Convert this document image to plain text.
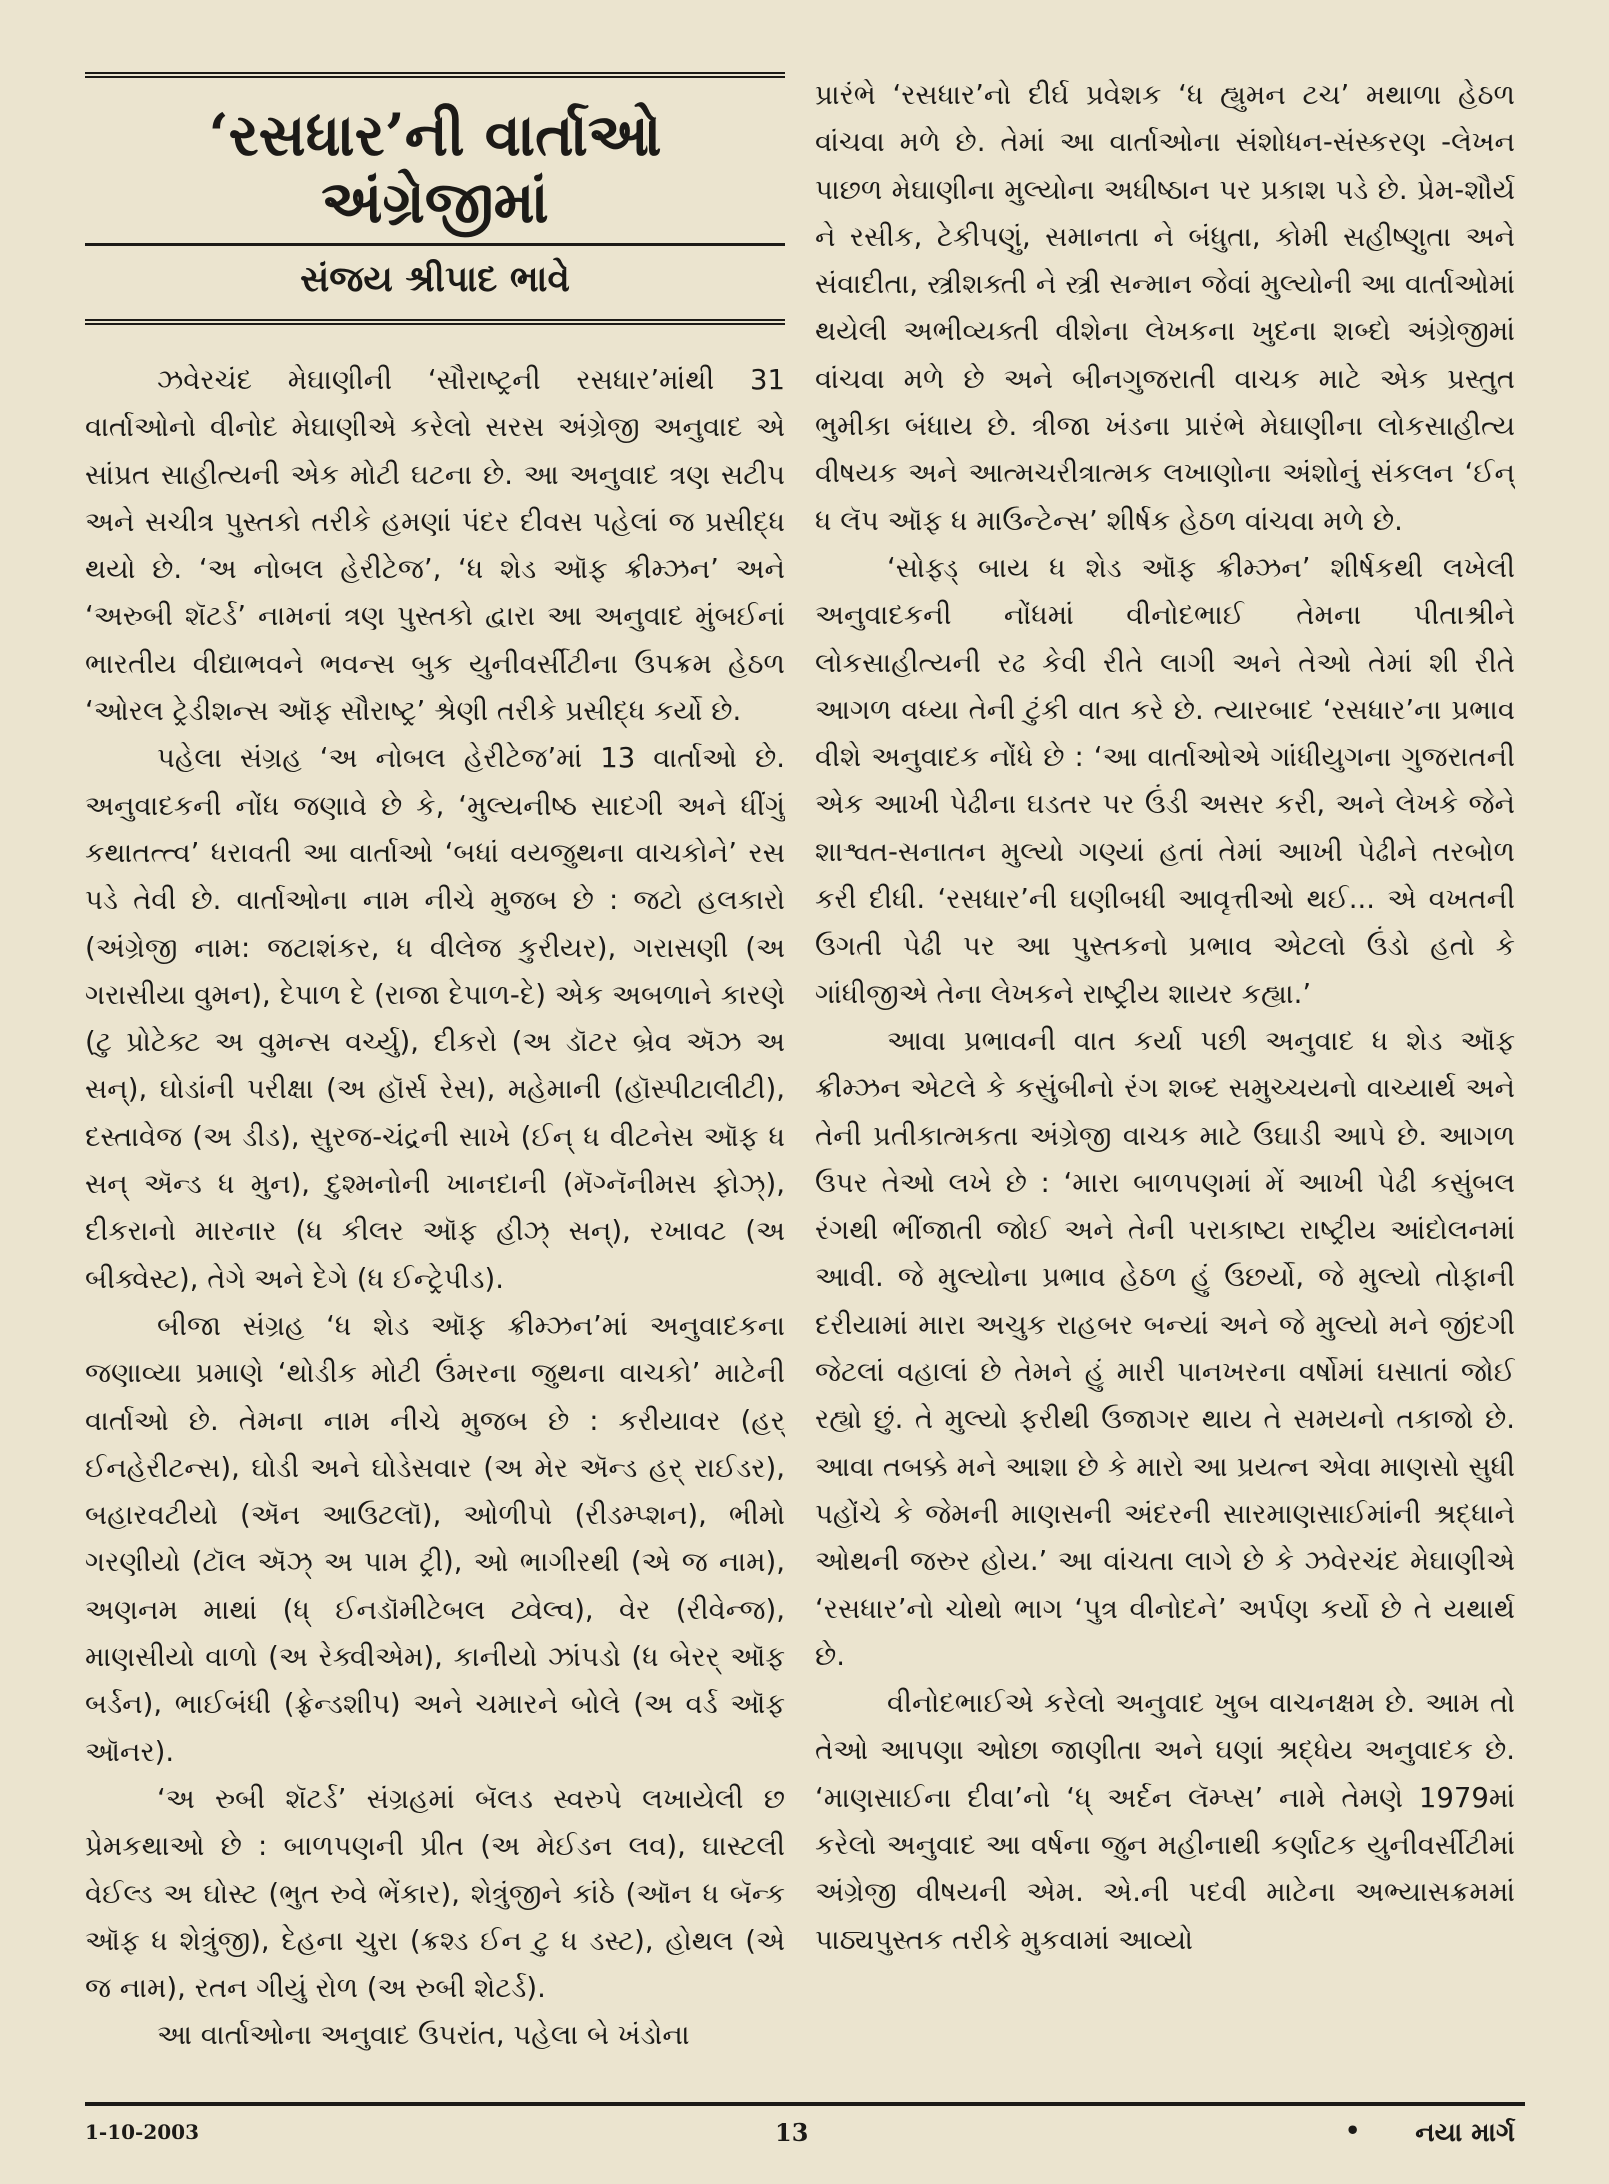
‘રસધાર’ની વાર્તાઓ અંગ્રેજીમાં
સંજય શ્રીપાદ ભાવે

ઝવેરચંદ મેઘાણીની ‘સૌરાષ્ટ્રની રસધાર’માંથી 31 વાર્તાઓનો વીનોદ મેઘાણીએ કરેલો સરસ અંગ્રેજી અનુવાદ એ સાંપ્રત સાહીત્યની એક મોટી ઘટના છે. આ અનુવાદ ત્રણ સટીપ અને સચીત્ર પુસ્તકો તરીકે હમણાં પંદર દીવસ પહેલાં જ પ્રસીદ્ધ થયો છે. ‘અ નોબલ હેરીટેજ’, ‘ધ શેડ ઑફ ક્રીમ્ઝન’ અને ‘અરુબી શૅટર્ડ’ નામનાં ત્રણ પુસ્તકો દ્વારા આ અનુવાદ મુંબઈનાં ભારતીય વીદ્યાભવને ભવન્સ બુક યુનીવર્સીટીના ઉપક્રમ હેઠળ ‘ઓરલ ટ્રેડીશન્સ ઑફ સૌરાષ્ટ્ર’ શ્રેણી તરીકે પ્રસીદ્ધ કર્યો છે.

પહેલા સંગ્રહ ‘અ નોબલ હેરીટેજ’માં 13 વાર્તાઓ છે. અનુવાદકની નોંધ જણાવે છે કે, ‘મુલ્યનીષ્ઠ સાદગી અને ધીંગું કથાતત્ત્વ’ ધરાવતી આ વાર્તાઓ ‘બધાં વયજુથના વાચકોને’ રસ પડે તેવી છે. વાર્તાઓના નામ નીચે મુજબ છે : જટો હલકારો (અંગ્રેજી નામ: જટાશંકર, ધ વીલેજ કુરીયર), ગરાસણી (અ ગરાસીયા વુમન), દેપાળ દે (રાજા દેપાળ-દે) એક અબળાને કારણે (ટુ પ્રોટેક્ટ અ વુમન્સ વર્ચ્યુ), દીકરો (અ ડૉટર બ્રેવ ઍઝ અ સન્), ઘોડાંની પરીક્ષા (અ હૉર્સ રેસ), મહેમાની (હૉસ્પીટાલીટી), દસ્તાવેજ (અ ડીડ), સુરજ-ચંદ્રની સાખે (ઈન્ ધ વીટનેસ ઑફ ધ સન્ ઍન્ડ ધ મુન), દુશ્મનોની ખાનદાની (મૅગ્નૅનીમસ ફોઝ્), દીકરાનો મારનાર (ધ કીલર ઑફ હીઝ્ સન્), રખાવટ (અ બીક્વેસ્ટ), તેગે અને દેગે (ધ ઈન્ટ્રેપીડ).

બીજા સંગ્રહ ‘ધ શેડ ઑફ ક્રીમ્ઝન’માં અનુવાદકના જણાવ્યા પ્રમાણે ‘થોડીક મોટી ઉંમરના જુથના વાચકો’ માટેની વાર્તાઓ છે. તેમના નામ નીચે મુજબ છે : કરીયાવર (હર્ ઈનહેરીટન્સ), ઘોડી અને ઘોડેસવાર (અ મેર ઍન્ડ હર્ રાઈડર), બહારવટીયો (ઍન આઉટલૉ), ઓળીપો (રીડમ્પ્શન), ભીમો ગરણીયો (ટૉલ ઍઝ્ અ પામ ટ્રી), ઓ ભાગીરથી (એ જ નામ), અણનમ માથાં (ધ્ ઈનડૉમીટેબલ ટ્વેલ્વ), વેર (રીવેન્જ), માણસીયો વાળો (અ રેક્વીએમ), કાનીયો ઝાંપડો (ધ બેરર્ ઑફ બર્ડન), ભાઈબંધી (ફ્રેન્ડશીપ) અને ચમારને બોલે (અ વર્ડ ઑફ ઑનર).

‘અ રુબી શૅટર્ડ’ સંગ્રહમાં બૅલડ સ્વરુપે લખાયેલી છ પ્રેમકથાઓ છે : બાળપણની પ્રીત (અ મેઈડન લવ), ઘાસ્ટલી વેઈલ્ડ અ ઘોસ્ટ (ભુત રુવે ભેંકાર), શેત્રુંજીને કાંઠે (ઑન ધ બૅન્ક ઑફ ધ શેત્રુંજી), દેહના ચુરા (ક્રશ્ડ ઈન ટુ ધ ડસ્ટ), હોથલ (એ જ નામ), રતન ગીયું રોળ (અ રુબી શેટર્ડ).

આ વાર્તાઓના અનુવાદ ઉપરાંત, પહેલા બે ખંડોના

પ્રારંભે ‘રસધાર’નો દીર્ઘ પ્રવેશક ‘ધ હ્યુમન ટચ’ મથાળા હેઠળ વાંચવા મળે છે. તેમાં આ વાર્તાઓના સંશોધન-સંસ્કરણ -લેખન પાછળ મેઘાણીના મુલ્યોના અધીષ્ઠાન પર પ્રકાશ પડે છે. પ્રેમ-શૌર્ય ને રસીક, ટેકીપણું, સમાનતા ને બંધુતા, કોમી સહીષ્ણુતા અને સંવાદીતા, સ્ત્રીશક્તી ને સ્ત્રી સન્માન જેવાં મુલ્યોની આ વાર્તાઓમાં થયેલી અભીવ્યક્તી વીશેના લેખકના ખુદના શબ્દો અંગ્રેજીમાં વાંચવા મળે છે અને બીનગુજરાતી વાચક માટે એક પ્રસ્તુત ભુમીકા બંધાય છે. ત્રીજા ખંડના પ્રારંભે મેઘાણીના લોકસાહીત્ય વીષયક અને આત્મચરીત્રાત્મક લખાણોના અંશોનું સંકલન ‘ઈન્ ધ લૅપ ઑફ ધ માઉન્ટેન્સ’ શીર્ષક હેઠળ વાંચવા મળે છે.

‘સોફ્ડ્ બાય ધ શેડ ઑફ ક્રીમ્ઝન’ શીર્ષકથી લખેલી અનુવાદકની નોંધમાં વીનોદભાઈ તેમના પીતાશ્રીને લોકસાહીત્યની રઢ કેવી રીતે લાગી અને તેઓ તેમાં શી રીતે આગળ વધ્યા તેની ટુંકી વાત કરે છે. ત્યારબાદ ‘રસધાર’ના પ્રભાવ વીશે અનુવાદક નોંધે છે : ‘આ વાર્તાઓએ ગાંધીયુગના ગુજરાતની એક આખી પેઢીના ઘડતર પર ઉંડી અસર કરી, અને લેખકે જેને શાશ્વત-સનાતન મુલ્યો ગણ્યાં હતાં તેમાં આખી પેઢીને તરબોળ કરી દીધી. ‘રસધાર’ની ઘણીબધી આવૃત્તીઓ થઈ... એ વખતની ઉગતી પેઢી પર આ પુસ્તકનો પ્રભાવ એટલો ઉંડો હતો કે ગાંધીજીએ તેના લેખકને રાષ્ટ્રીય શાયર કહ્યા.’

આવા પ્રભાવની વાત કર્યા પછી અનુવાદ ધ શેડ ઑફ ક્રીમ્ઝન એટલે કે કસુંબીનો રંગ શબ્દ સમુચ્ચયનો વાચ્યાર્થ અને તેની પ્રતીકાત્મકતા અંગ્રેજી વાચક માટે ઉઘાડી આપે છે. આગળ ઉપર તેઓ લખે છે : ‘મારા બાળપણમાં મેં આખી પેઢી કસુંબલ રંગથી ભીંજાતી જોઈ અને તેની પરાકાષ્ટા રાષ્ટ્રીય આંદોલનમાં આવી. જે મુલ્યોના પ્રભાવ હેઠળ હું ઉછર્યો, જે મુલ્યો તોફાની દરીયામાં મારા અચુક રાહબર બન્યાં અને જે મુલ્યો મને જીંદગી જેટલાં વહાલાં છે તેમને હું મારી પાનખરના વર્ષોમાં ઘસાતાં જોઈ રહ્યો છું. તે મુલ્યો ફરીથી ઉજાગર થાય તે સમયનો તકાજો છે. આવા તબક્કે મને આશા છે કે મારો આ પ્રયત્ન એવા માણસો સુધી પહોંચે કે જેમની માણસની અંદરની સારમાણસાઈમાંની શ્રદ્ધાને ઓથની જરુર હોય.’ આ વાંચતા લાગે છે કે ઝવેરચંદ મેઘાણીએ ‘રસધાર’નો ચોથો ભાગ ‘પુત્ર વીનોદને’ અર્પણ કર્યો છે તે યથાર્થ છે.

વીનોદભાઈએ કરેલો અનુવાદ ખુબ વાચનક્ષમ છે. આમ તો તેઓ આપણા ઓછા જાણીતા અને ઘણાં શ્રદ્ધેય અનુવાદક છે. ‘માણસાઈના દીવા’નો ‘ધ્ અર્દન લૅમ્પ્સ’ નામે તેમણે 1979માં કરેલો અનુવાદ આ વર્ષના જુન મહીનાથી કર્ણાટક યુનીવર્સીટીમાં અંગ્રેજી વીષયની એમ. એ.ની પદવી માટેના અભ્યાસક્રમમાં પાઠ્યપુસ્તક તરીકે મુકવામાં આવ્યો

1-10-2003	13	• નયા માર્ગ
